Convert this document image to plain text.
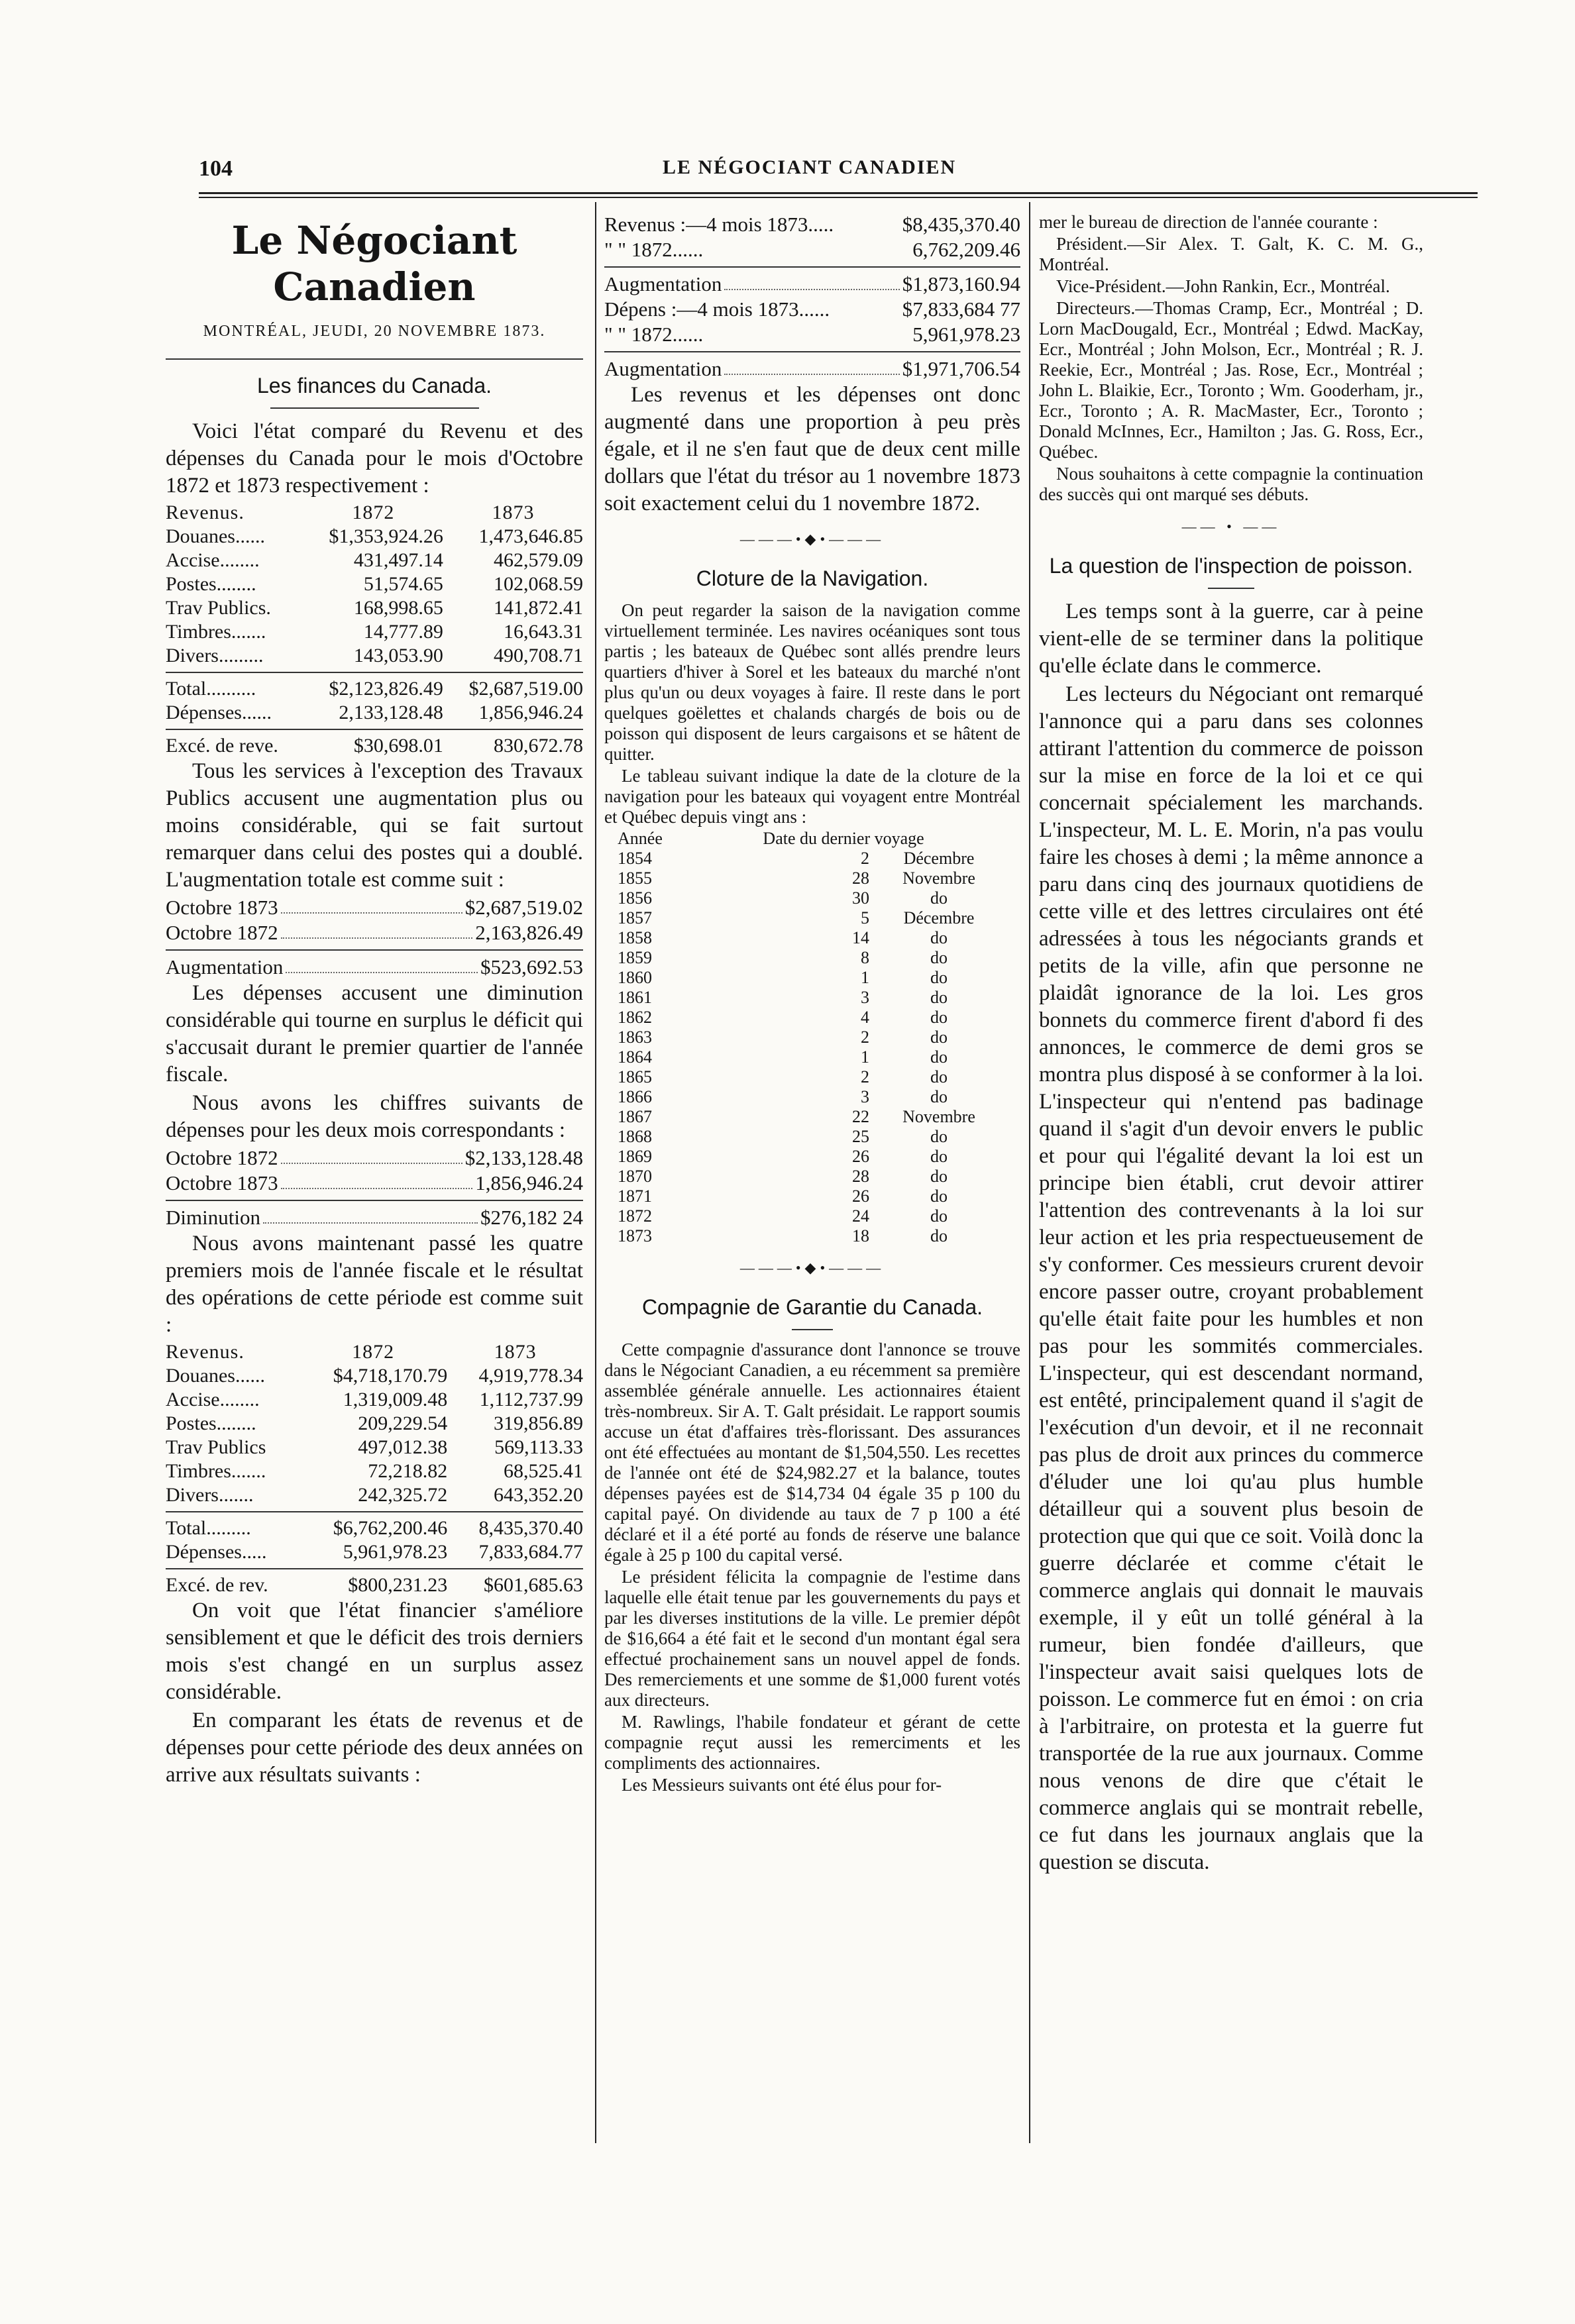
104	LE NÉGOCIANT CANADIEN
Le Négociant Canadien
MONTRÉAL, JEUDI, 20 NOVEMBRE 1873.
Les finances du Canada.

Voici l'état comparé du Revenu et des dépenses du Canada pour le mois d'Octobre 1872 et 1873 respectivement :

Revenus.	1872	1873
Douanes......	$1,353,924.26	1,473,646.85
Accise........	431,497.14	462,579.09
Postes........	51,574.65	102,068.59
Trav Publics.	168,998.65	141,872.41
Timbres.......	14,777.89	16,643.31
Divers.........	143,053.90	490,708.71

Total..........	$2,123,826.49	$2,687,519.00
Dépenses......	2,133,128.48	1,856,946.24

Excé. de reve.	$30,698.01	830,672.78

Tous les services à l'exception des Travaux Publics accusent une augmentation plus ou moins considérable, qui se fait surtout remarquer dans celui des postes qui a doublé. L'augmentation totale est comme suit :

Octobre 1873	$2,687,519.02
Octobre 1872	2,163,826.49
Augmentation	$523,692.53

Les dépenses accusent une diminution considérable qui tourne en surplus le déficit qui s'accusait durant le premier quartier de l'année fiscale.

Nous avons les chiffres suivants de dépenses pour les deux mois correspondants :

Octobre 1872	$2,133,128.48
Octobre 1873	1,856,946.24
Diminution	$276,182 24

Nous avons maintenant passé les quatre premiers mois de l'année fiscale et le résultat des opérations de cette période est comme suit :

Revenus.	1872	1873
Douanes......	$4,718,170.79	4,919,778.34
Accise........	1,319,009.48	1,112,737.99
Postes........	209,229.54	319,856.89
Trav Publics	497,012.38	569,113.33
Timbres.......	72,218.82	68,525.41
Divers.......	242,325.72	643,352.20

Total.........	$6,762,200.46	8,435,370.40
Dépenses.....	5,961,978.23	7,833,684.77

Excé. de rev.	$800,231.23	$601,685.63

On voit que l'état financier s'améliore sensiblement et que le déficit des trois derniers mois s'est changé en un surplus assez considérable.

En comparant les états de revenus et de dépenses pour cette période des deux années on arrive aux résultats suivants :

Revenus :—4 mois 1873.....	$8,435,370.40
" " 1872......	6,762,209.46
Augmentation	$1,873,160.94
Dépens :—4 mois 1873......	$7,833,684 77
" " 1872......	5,961,978.23
Augmentation	$1,971,706.54

Les revenus et les dépenses ont donc augmenté dans une proportion à peu près égale, et il ne s'en faut que de deux cent mille dollars que l'état du trésor au 1 novembre 1873 soit exactement celui du 1 novembre 1872.

———•◆•———
Cloture de la Navigation.

On peut regarder la saison de la navigation comme virtuellement terminée. Les navires océaniques sont tous partis ; les bateaux de Québec sont allés prendre leurs quartiers d'hiver à Sorel et les bateaux du marché n'ont plus qu'un ou deux voyages à faire. Il reste dans le port quelques goëlettes et chalands chargés de bois ou de poisson qui disposent de leurs cargaisons et se hâtent de quitter.

Le tableau suivant indique la date de la cloture de la navigation pour les bateaux qui voyagent entre Montréal et Québec depuis vingt ans :

Année	Date du dernier voyage
1854	2	Décembre
1855	28	Novembre
1856	30	do
1857	5	Décembre
1858	14	do
1859	8	do
1860	1	do
1861	3	do
1862	4	do
1863	2	do
1864	1	do
1865	2	do
1866	3	do
1867	22	Novembre
1868	25	do
1869	26	do
1870	28	do
1871	26	do
1872	24	do
1873	18	do
———•◆•———
Compagnie de Garantie du Canada.

Cette compagnie d'assurance dont l'annonce se trouve dans le Négociant Canadien, a eu récemment sa première assemblée générale annuelle. Les actionnaires étaient très-nombreux. Sir A. T. Galt présidait. Le rapport soumis accuse un état d'affaires très-florissant. Des assurances ont été effectuées au montant de $1,504,550. Les recettes de l'année ont été de $24,982.27 et la balance, toutes dépenses payées est de $14,734 04 égale 35 p 100 du capital payé. On dividende au taux de 7 p 100 a été déclaré et il a été porté au fonds de réserve une balance égale à 25 p 100 du capital versé.

Le président félicita la compagnie de l'estime dans laquelle elle était tenue par les gouvernements du pays et par les diverses institutions de la ville. Le premier dépôt de $16,664 a été fait et le second d'un montant égal sera effectué prochainement sans un nouvel appel de fonds. Des remerciements et une somme de $1,000 furent votés aux directeurs.

M. Rawlings, l'habile fondateur et gérant de cette compagnie reçut aussi les remerciments et les compliments des actionnaires.

Les Messieurs suivants ont été élus pour for-

mer le bureau de direction de l'année courante :

Président.—Sir Alex. T. Galt, K. C. M. G., Montréal.

Vice-Président.—John Rankin, Ecr., Montréal.

Directeurs.—Thomas Cramp, Ecr., Montréal ; D. Lorn MacDougald, Ecr., Montréal ; Edwd. MacKay, Ecr., Montréal ; John Molson, Ecr., Montréal ; R. J. Reekie, Ecr., Montréal ; Jas. Rose, Ecr., Montréal ; John L. Blaikie, Ecr., Toronto ; Wm. Gooderham, jr., Ecr., Toronto ; A. R. MacMaster, Ecr., Toronto ; Donald McInnes, Ecr., Hamilton ; Jas. G. Ross, Ecr., Québec.

Nous souhaitons à cette compagnie la continuation des succès qui ont marqué ses débuts.

—— • ——
La question de l'inspection de poisson.

Les temps sont à la guerre, car à peine vient-elle de se terminer dans la politique qu'elle éclate dans le commerce.

Les lecteurs du Négociant ont remarqué l'annonce qui a paru dans ses colonnes attirant l'attention du commerce de poisson sur la mise en force de la loi et ce qui concernait spécialement les marchands. L'inspecteur, M. L. E. Morin, n'a pas voulu faire les choses à demi ; la même annonce a paru dans cinq des journaux quotidiens de cette ville et des lettres circulaires ont été adressées à tous les négociants grands et petits de la ville, afin que personne ne plaidât ignorance de la loi. Les gros bonnets du commerce firent d'abord fi des annonces, le commerce de demi gros se montra plus disposé à se conformer à la loi. L'inspecteur qui n'entend pas badinage quand il s'agit d'un devoir envers le public et pour qui l'égalité devant la loi est un principe bien établi, crut devoir attirer l'attention des contrevenants à la loi sur leur action et les pria respectueusement de s'y conformer. Ces messieurs crurent devoir encore passer outre, croyant probablement qu'elle était faite pour les humbles et non pas pour les sommités commerciales. L'inspecteur, qui est descendant normand, est entêté, principalement quand il s'agit de l'exécution d'un devoir, et il ne reconnait pas plus de droit aux princes du commerce d'éluder une loi qu'au plus humble détailleur qui a souvent plus besoin de protection que qui que ce soit. Voilà donc la guerre déclarée et comme c'était le commerce anglais qui donnait le mauvais exemple, il y eût un tollé général à la rumeur, bien fondée d'ailleurs, que l'inspecteur avait saisi quelques lots de poisson. Le commerce fut en émoi : on cria à l'arbitraire, on protesta et la guerre fut transportée de la rue aux journaux. Comme nous venons de dire que c'était le commerce anglais qui se montrait rebelle, ce fut dans les journaux anglais que la question se discuta.
